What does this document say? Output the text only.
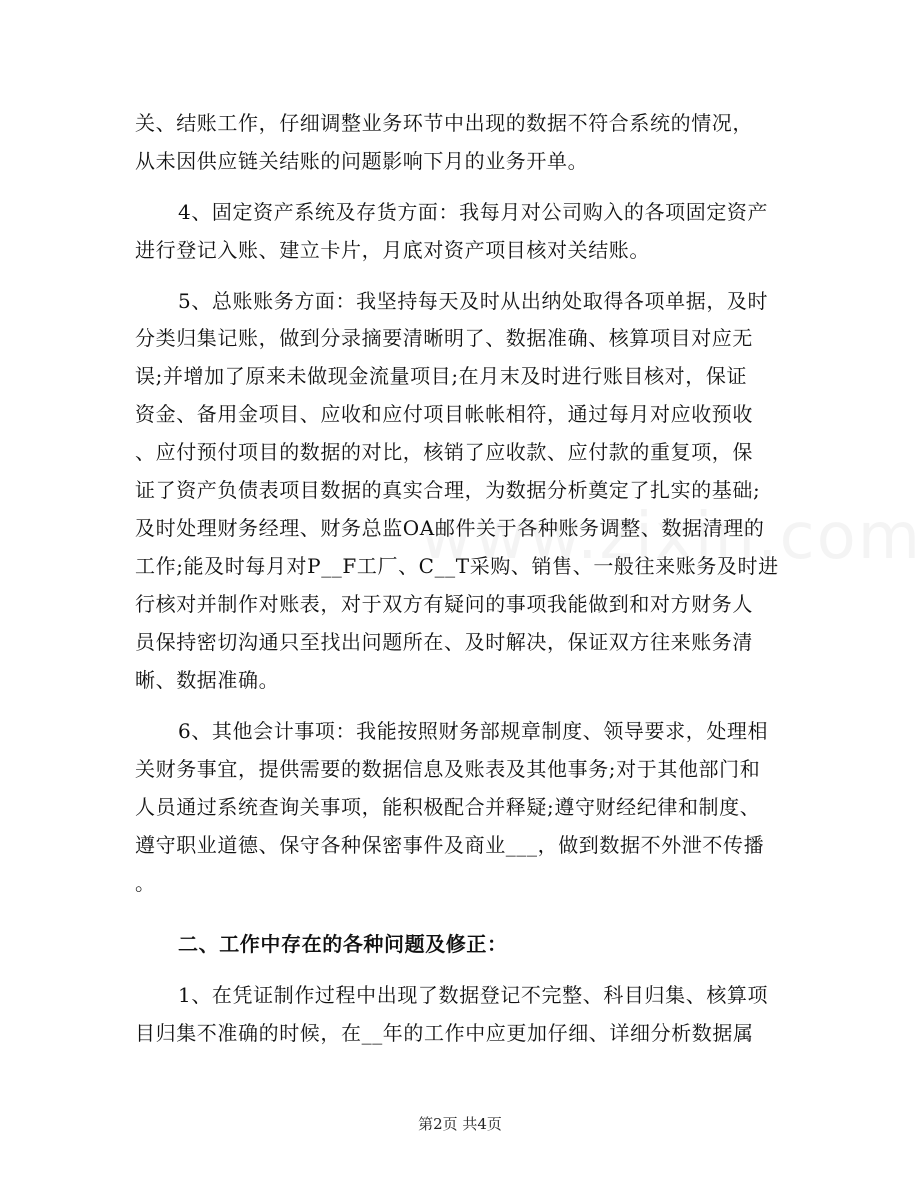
关、结账工作，仔细调整业务环节中出现的数据不符合系统的情况，
从未因供应链关结账的问题影响下月的业务开单。
4、固定资产系统及存货方面：我每月对公司购入的各项固定资产
进行登记入账、建立卡片，月底对资产项目核对关结账。
5、总账账务方面：我坚持每天及时从出纳处取得各项单据，及时
分类归集记账，做到分录摘要清晰明了、数据准确、核算项目对应无
误;并增加了原来未做现金流量项目;在月末及时进行账目核对，保证
资金、备用金项目、应收和应付项目帐帐相符，通过每月对应收预收
、应付预付项目的数据的对比，核销了应收款、应付款的重复项，保
证了资产负债表项目数据的真实合理，为数据分析奠定了扎实的基础;
及时处理财务经理、财务总监OA邮件关于各种账务调整、数据清理的
工作;能及时每月对P__F工厂、C__T采购、销售、一般往来账务及时进
行核对并制作对账表，对于双方有疑问的事项我能做到和对方财务人
员保持密切沟通只至找出问题所在、及时解决，保证双方往来账务清
晰、数据准确。
6、其他会计事项：我能按照财务部规章制度、领导要求，处理相
关财务事宜，提供需要的数据信息及账表及其他事务;对于其他部门和
人员通过系统查询关事项，能积极配合并释疑;遵守财经纪律和制度、
遵守职业道德、保守各种保密事件及商业___，做到数据不外泄不传播
。
二、工作中存在的各种问题及修正：
1、在凭证制作过程中出现了数据登记不完整、科目归集、核算项
目归集不准确的时候，在__年的工作中应更加仔细、详细分析数据属
第2页 共4页
